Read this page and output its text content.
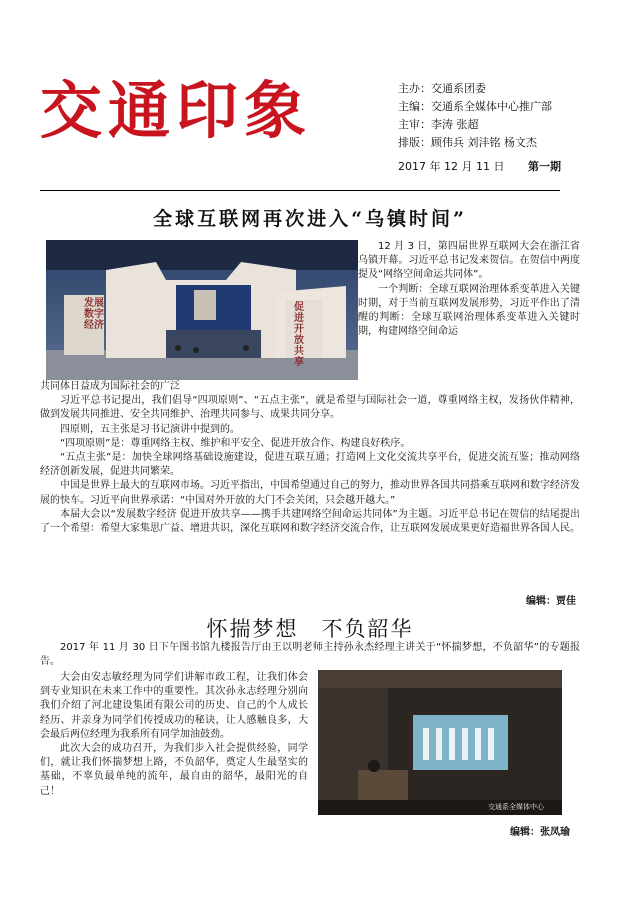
交通印象	主办：交通系团委
主编：交通系全媒体中心推广部
主审：李涛 张超
排版：顾伟兵 刘沣铭 杨文杰
2017 年 12 月 11 日 第一期
全球互联网再次进入“乌镇时间”
发展数字经济
促进开放共享

12 月 3 日，第四届世界互联网大会在浙江省乌镇开幕。习近平总书记发来贺信。在贺信中两度提及“网络空间命运共同体”。

一个判断：全球互联网治理体系变革进入关键时期，对于当前互联网发展形势，习近平作出了清醒的判断：全球互联网治理体系变革进入关键时期，构建网络空间命运

共同体日益成为国际社会的广泛

习近平总书记提出，我们倡导“四项原则”、“五点主张”，就是希望与国际社会一道，尊重网络主权，发扬伙伴精神，做到发展共同推进、安全共同维护、治理共同参与、成果共同分享。

四原则，五主张是习书记演讲中提到的。

“四项原则”是：尊重网络主权、维护和平安全、促进开放合作、构建良好秩序。

“五点主张”是：加快全球网络基础设施建设，促进互联互通；打造网上文化交流共享平台，促进交流互鉴；推动网络经济创新发展，促进共同繁荣。

中国是世界上最大的互联网市场。习近平指出，中国希望通过自己的努力，推动世界各国共同搭乘互联网和数字经济发展的快车。习近平向世界承诺：“中国对外开放的大门不会关闭，只会越开越大。”

本届大会以“发展数字经济 促进开放共享——携手共建网络空间命运共同体”为主题。习近平总书记在贺信的结尾提出了一个希望：希望大家集思广益、增进共识，深化互联网和数字经济交流合作，让互联网发展成果更好造福世界各国人民。

编辑：贾佳
怀揣梦想　不负韶华

2017 年 11 月 30 日下午图书馆九楼报告厅由王以明老师主持孙永杰经理主讲关于“怀揣梦想，不负韶华”的专题报告。

大会由安志敏经理为同学们讲解市政工程，让我们体会到专业知识在未来工作中的重要性。其次孙永志经理分别向我们介绍了河北建设集团有限公司的历史、自己的个人成长经历、并亲身为同学们传授成功的秘诀，让人感触良多，大会最后两位经理为我系所有同学加油鼓劲。

此次大会的成功召开，为我们步入社会提供经验，同学们，就让我们怀揣梦想上路，不负韶华，奠定人生最坚实的基础，不辜负最单纯的流年，最自由的韶华，最阳光的自己！

交通系全媒体中心
编辑：张凤瑜
